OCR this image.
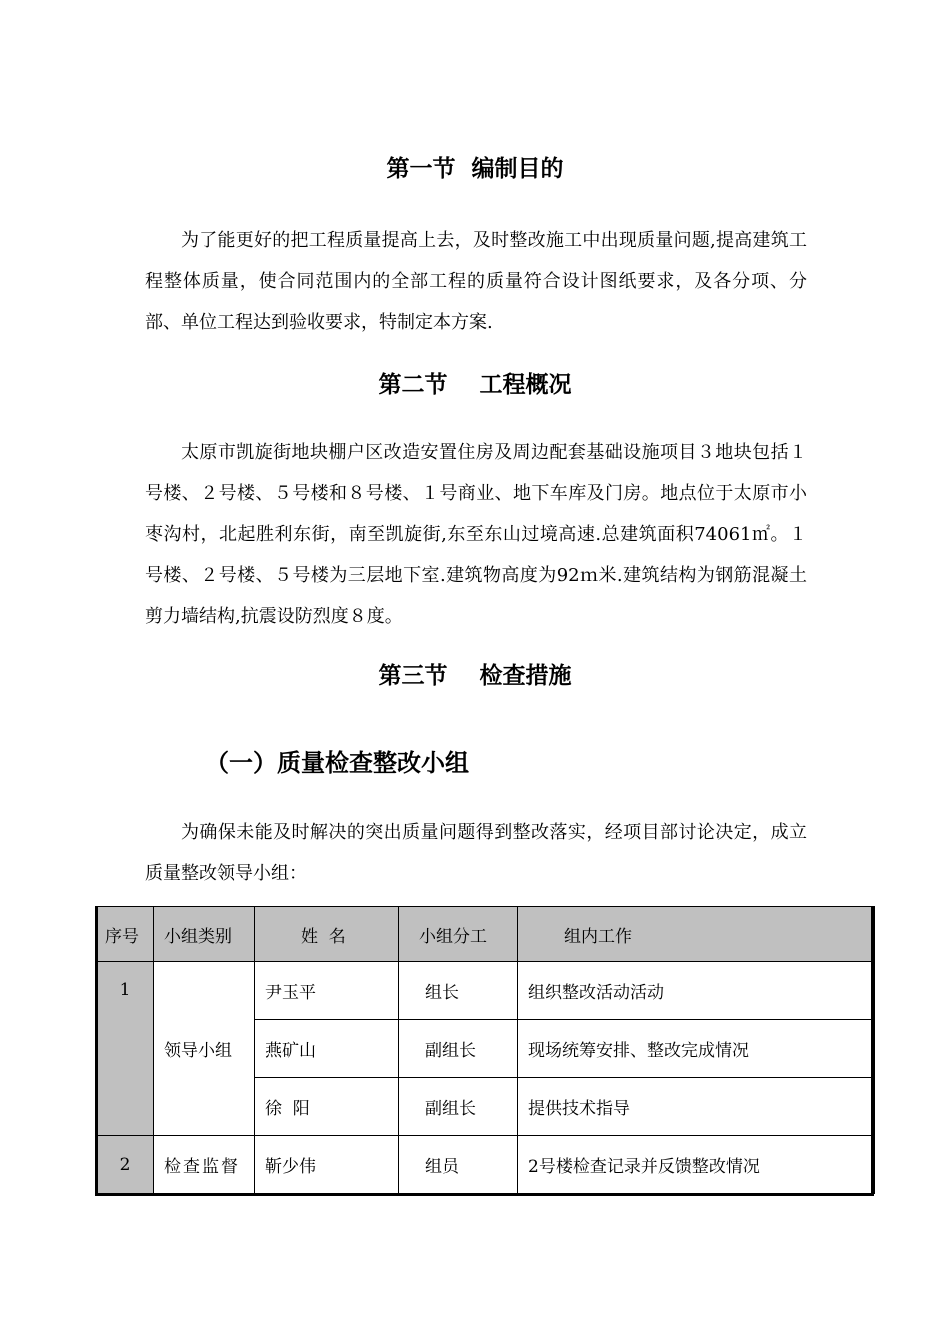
第一节  编制目的

为了能更好的把工程质量提高上去，及时整改施工中出现质量问题,提高建筑工程整体质量，使合同范围内的全部工程的质量符合设计图纸要求，及各分项、分部、单位工程达到验收要求，特制定本方案.

第二节    工程概况

太原市凯旋街地块棚户区改造安置住房及周边配套基础设施项目３地块包括１号楼、２号楼、５号楼和８号楼、１号商业、地下车库及门房。地点位于太原市小枣沟村，北起胜利东街，南至凯旋街,东至东山过境高速.总建筑面积74061㎡。１号楼、２号楼、５号楼为三层地下室.建筑物高度为92ｍ米.建筑结构为钢筋混凝土剪力墙结构,抗震设防烈度８度。

第三节    检查措施
（一）质量检查整改小组

为确保未能及时解决的突出质量问题得到整改落实，经项目部讨论决定，成立质量整改领导小组：

序号	小组类别	姓  名	小组分工	组内工作

1	领导小组	尹玉平	组长	组织整改活动活动
		燕矿山	副组长	现场统筹安排、整改完成情况
		徐  阳	副组长	提供技术指导

2	检查监督	靳少伟	组员	2号楼检查记录并反馈整改情况
